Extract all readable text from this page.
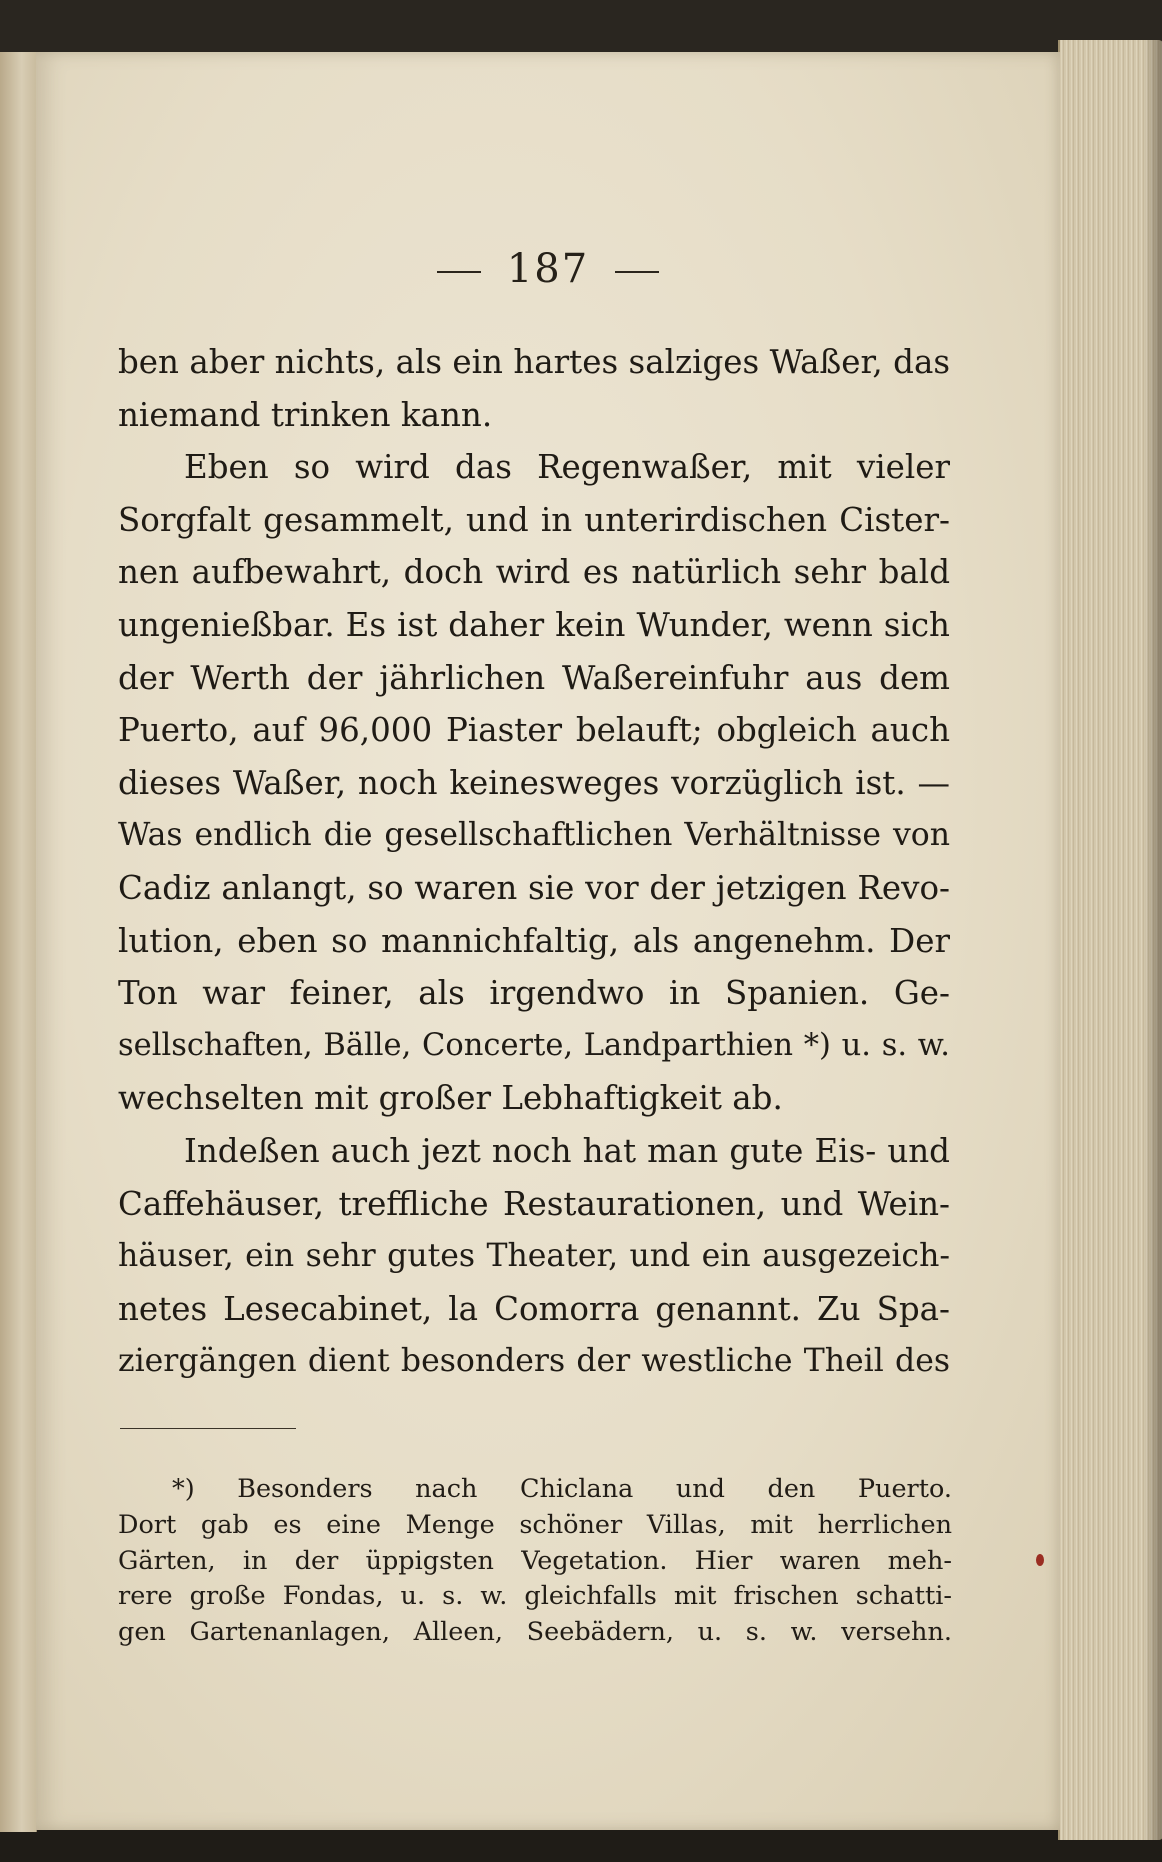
187
ben aber nichts, als ein hartes salziges Waßer, das
niemand trinken kann.
Eben so wird das Regenwaßer, mit vieler
Sorgfalt gesammelt, und in unterirdischen Cister-
nen aufbewahrt, doch wird es natürlich sehr bald
ungenießbar. Es ist daher kein Wunder, wenn sich
der Werth der jährlichen Waßereinfuhr aus dem
Puerto, auf 96,000 Piaster belauft; obgleich auch
dieses Waßer, noch keinesweges vorzüglich ist. —
Was endlich die gesellschaftlichen Verhältnisse von
Cadiz anlangt, so waren sie vor der jetzigen Revo-
lution, eben so mannichfaltig, als angenehm. Der
Ton war feiner, als irgendwo in Spanien. Ge-
sellschaften, Bälle, Concerte, Landparthien *) u. s. w.
wechselten mit großer Lebhaftigkeit ab.
Indeßen auch jezt noch hat man gute Eis- und
Caffehäuser, treffliche Restaurationen, und Wein-
häuser, ein sehr gutes Theater, und ein ausgezeich-
netes Lesecabinet, la Comorra genannt. Zu Spa-
ziergängen dient besonders der westliche Theil des
*) Besonders nach Chiclana und den Puerto.
Dort gab es eine Menge schöner Villas, mit herrlichen
Gärten, in der üppigsten Vegetation. Hier waren meh-
rere große Fondas, u. s. w. gleichfalls mit frischen schatti-
gen Gartenanlagen, Alleen, Seebädern, u. s. w. versehn.
